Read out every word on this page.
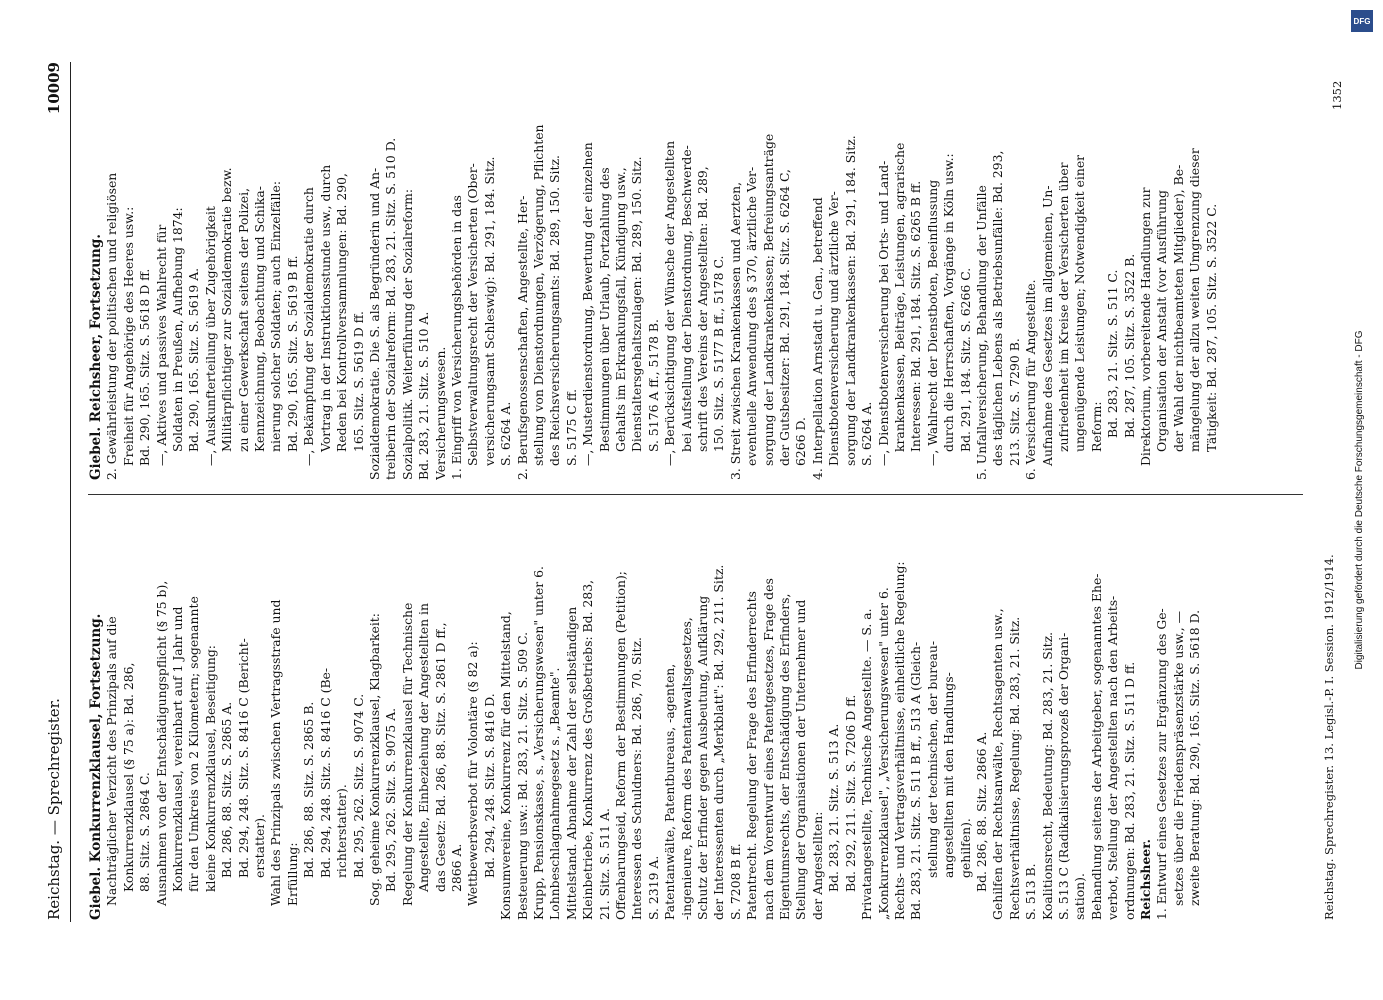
Reichstag. — Sprechregister.
10009
Giebel. Konkurrenzklausel, Fortsetzung. Nachträglicher Verzicht des Prinzipals auf die Konkurrenzklausel (§ 75 a): Bd. 286, 88. Sitz. S. 2864 C. Ausnahmen von der Entschädigungspflicht (§ 75 b), Konkurrenzklausel, vereinbart auf 1 Jahr und für den Umkreis von 2 Kilometern; sogenannte kleine Konkurrenzklausel, Beseitigung: Bd. 286, 88. Sitz. S. 2865 A. Bd. 294, 248. Sitz. S. 8416 C (Bericht- erstatter). Wahl des Prinzipals zwischen Vertragsstrafe und Erfüllung: Bd. 286, 88. Sitz. S. 2865 B. Bd. 294, 248. Sitz. S. 8416 C (Be- richterstatter). Bd. 295, 262. Sitz. S. 9074 C. Sog. geheime Konkurrenzklausel, Klagbarkeit: Bd. 295, 262. Sitz. S. 9075 A. Regelung der Konkurrenzklausel für Technische Angestellte, Einbeziehung der Angestellten in das Gesetz: Bd. 286, 88. Sitz. S. 2861 D ff., 2866 A. Wettbewerbsverbot für Volontäre (§ 82 a): Bd. 294, 248. Sitz. S. 8416 D. Konsumvereine, Konkurrenz für den Mittelstand, Besteuerung usw.: Bd. 283, 21. Sitz. S. 509 C. Krupp, Pensionskasse, s. „Versicherungswesen" unter 6. Lohnbeschlagnahmegesetz s. „Beamte". Mittelstand. Abnahme der Zahl der selbständigen Kleinbetriebe, Konkurrenz des Großbetriebs: Bd. 283, 21. Sitz. S. 511 A. Offenbarungseid, Reform der Bestimmungen (Petition); Interessen des Schuldners: Bd. 286, 70. Sitz. S. 2319 A. Patentanwälte, Patentbureaus, -agenten, -ingenieure, Reform des Patentanwaltsgesetzes, Schutz der Erfinder gegen Ausbeutung, Aufklärung der Interessenten durch „Merkblatt": Bd. 292, 211. Sitz. S. 7208 B ff. Patentrecht. Regelung der Frage des Erfinderrechts nach dem Vorentwurf eines Patentgesetzes, Frage des Eigentumsrechts, der Entschädigung des Erfinders, Stellung der Organisationen der Unternehmer und der Angestellten: Bd. 283, 21. Sitz. S. 513 A. Bd. 292, 211. Sitz. S. 7206 D ff. Privatangestellte, Technische Angestellte. — S. a. „Konkurrenzklausel", „Versicherungswesen" unter 6. Rechts- und Vertragsverhältnisse, einheitliche Regelung: Bd. 283, 21. Sitz. S. 511 B ff., 513 A (Gleich- stellung der technischen, der bureau- angestellten mit den Handlungs- gehilfen). Bd. 286, 88. Sitz. 2866 A. Gehilfen der Rechtsanwälte, Rechtsagenten usw., Rechtsverhältnisse, Regelung: Bd. 283, 21. Sitz. S. 513 B. Koalitionsrecht, Bedeutung: Bd. 283, 21. Sitz. S. 513 C (Radikalisierungsprozeß der Organi- sation). Behandlung seitens der Arbeitgeber, sogenanntes Ehe- verbot, Stellung der Angestellten nach den Arbeits- ordnungen: Bd. 283, 21. Sitz. S. 511 D ff. Reichsheer. 1. Entwurf eines Gesetzes zur Ergänzung des Ge- setzes über die Friedenspräsenzstärke usw., — zweite Beratung: Bd. 290, 165. Sitz. S. 5618 D.
Giebel. Reichsheer, Fortsetzung. 2. Gewährleistung der politischen und religiösen Freiheit für Angehörige des Heeres usw.: Bd. 290, 165. Sitz. S. 5618 D ff. —, Aktives und passives Wahlrecht für Soldaten in Preußen, Aufhebung 1874: Bd. 290, 165. Sitz. S. 5619 A. —, Auskunfterteilung über Zugehörigkeit Militärpflichtiger zur Sozialdemokratie bezw. zu einer Gewerkschaft seitens der Polizei, Kennzeichnung, Beobachtung und Schika- nierung solcher Soldaten; auch Einzelfälle: Bd. 290, 165. Sitz. S. 5619 B ff. —, Bekämpfung der Sozialdemokratie durch Vortrag in der Instruktionsstunde usw., durch Reden bei Kontrollversammlungen: Bd. 290, 165. Sitz. S. 5619 D ff. Sozialdemokratie. Die S. als Begründerin und An- treiberin der Sozialreform: Bd. 283, 21. Sitz. S. 510 D. Sozialpolitik. Weiterführung der Sozialreform: Bd. 283, 21. Sitz. S. 510 A. Versicherungswesen. 1. Eingriff von Versicherungsbehörden in das Selbstverwaltungsrecht der Versicherten (Ober- versicherungsamt Schleswig): Bd. 291, 184. Sitz. S. 6264 A. 2. Berufsgenossenschaften, Angestellte, Her- stellung von Dienstordnungen, Verzögerung, Pflichten des Reichsversicherungsamts: Bd. 289, 150. Sitz. S. 5175 C ff. —, Musterdienstordnung, Bewertung der einzelnen Bestimmungen über Urlaub, Fortzahlung des Gehalts im Erkrankungsfall, Kündigung usw., Dienstaltersgehaltszulagen: Bd. 289, 150. Sitz. S. 5176 A ff., 5178 B. —, Berücksichtigung der Wünsche der Angestellten bei Aufstellung der Dienstordnung, Beschwerde- schrift des Vereins der Angestellten: Bd. 289, 150. Sitz. S. 5177 B ff., 5178 C. 3. Streit zwischen Krankenkassen und Aerzten, eventuelle Anwendung des § 370, ärztliche Ver- sorgung der Landkrankenkassen; Befreiungsanträge der Gutsbesitzer: Bd. 291, 184. Sitz. S. 6264 C, 6266 D. 4. Interpellation Arnstadt u. Gen., betreffend Dienstbotenversicherung und ärztliche Ver- sorgung der Landkrankenkassen: Bd. 291, 184. Sitz. S. 6264 A. —, Dienstbotenversicherung bei Orts- und Land- krankenkassen, Beiträge, Leistungen, agrarische Interessen: Bd. 291, 184. Sitz. S. 6265 B ff. —, Wahlrecht der Dienstboten, Beeinflussung durch die Herrschaften, Vorgänge in Köln usw.: Bd. 291, 184. Sitz. S. 6266 C. 5. Unfallversicherung, Behandlung der Unfälle des täglichen Lebens als Betriebsunfälle: Bd. 293, 213. Sitz. S. 7290 B. 6. Versicherung für Angestellte. Aufnahme des Gesetzes im allgemeinen, Un- zufriedenheit im Kreise der Versicherten über ungenügende Leistungen; Notwendigkeit einer Reform: Bd. 283, 21. Sitz. S. 511 C. Bd. 287, 105. Sitz. S. 3522 B. Direktorium, vorbereitende Handlungen zur Organisation der Anstalt (vor Ausführung der Wahl der nichtbeamteten Mitglieder), Be- mängelung der allzu weiten Umgrenzung dieser Tätigkeit: Bd. 287, 105. Sitz. S. 3522 C.
Reichstag. Sprechregister. 13. Legisl.-P. I. Session. 1912/1914.
1352
Digitalisierung gefördert durch die Deutsche Forschungsgemeinschaft - DFG
DFG
